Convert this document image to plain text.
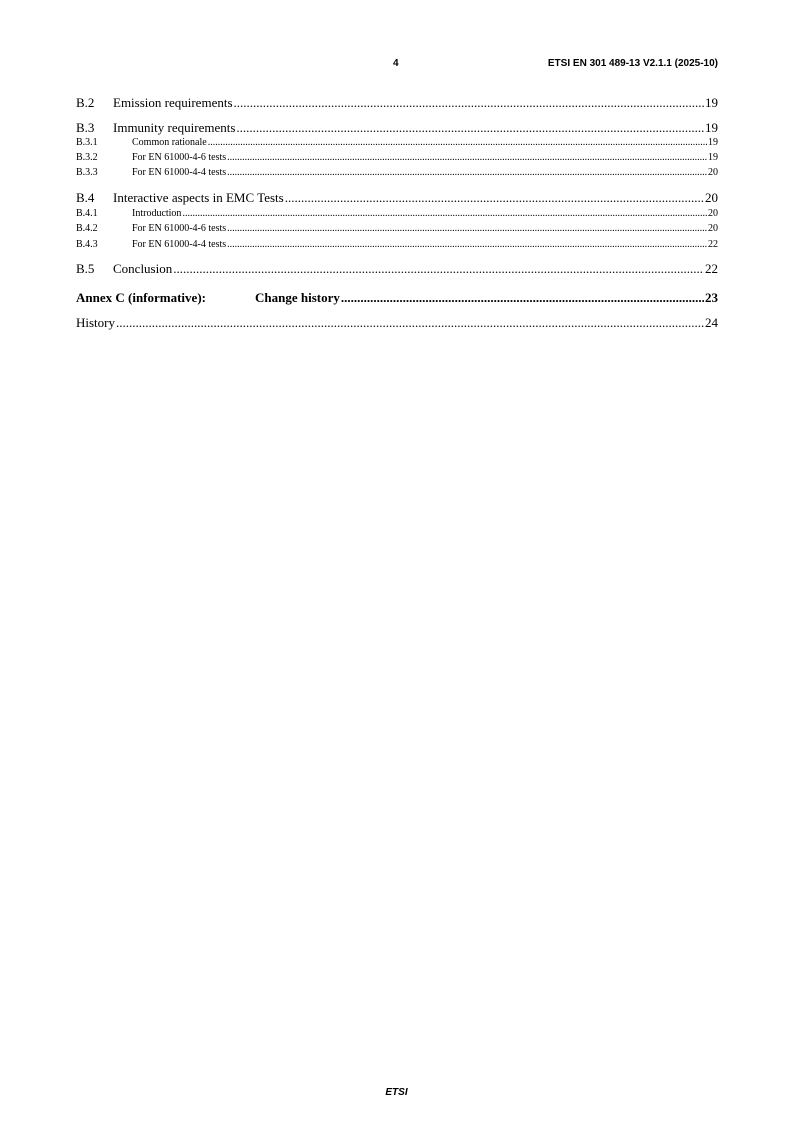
4	ETSI EN 301 489-13 V2.1.1 (2025-10)
B.2	Emission requirements .....	19
B.3	Immunity requirements .....	19
B.3.1	Common rationale .....	19
B.3.2	For EN 61000-4-6 tests .....	19
B.3.3	For EN 61000-4-4 tests .....	20
B.4	Interactive aspects in EMC Tests .....	20
B.4.1	Introduction .....	20
B.4.2	For EN 61000-4-6 tests .....	20
B.4.3	For EN 61000-4-4 tests .....	22
B.5	Conclusion .....	22
Annex C (informative):	Change history .....	23
History .....	24
ETSI
